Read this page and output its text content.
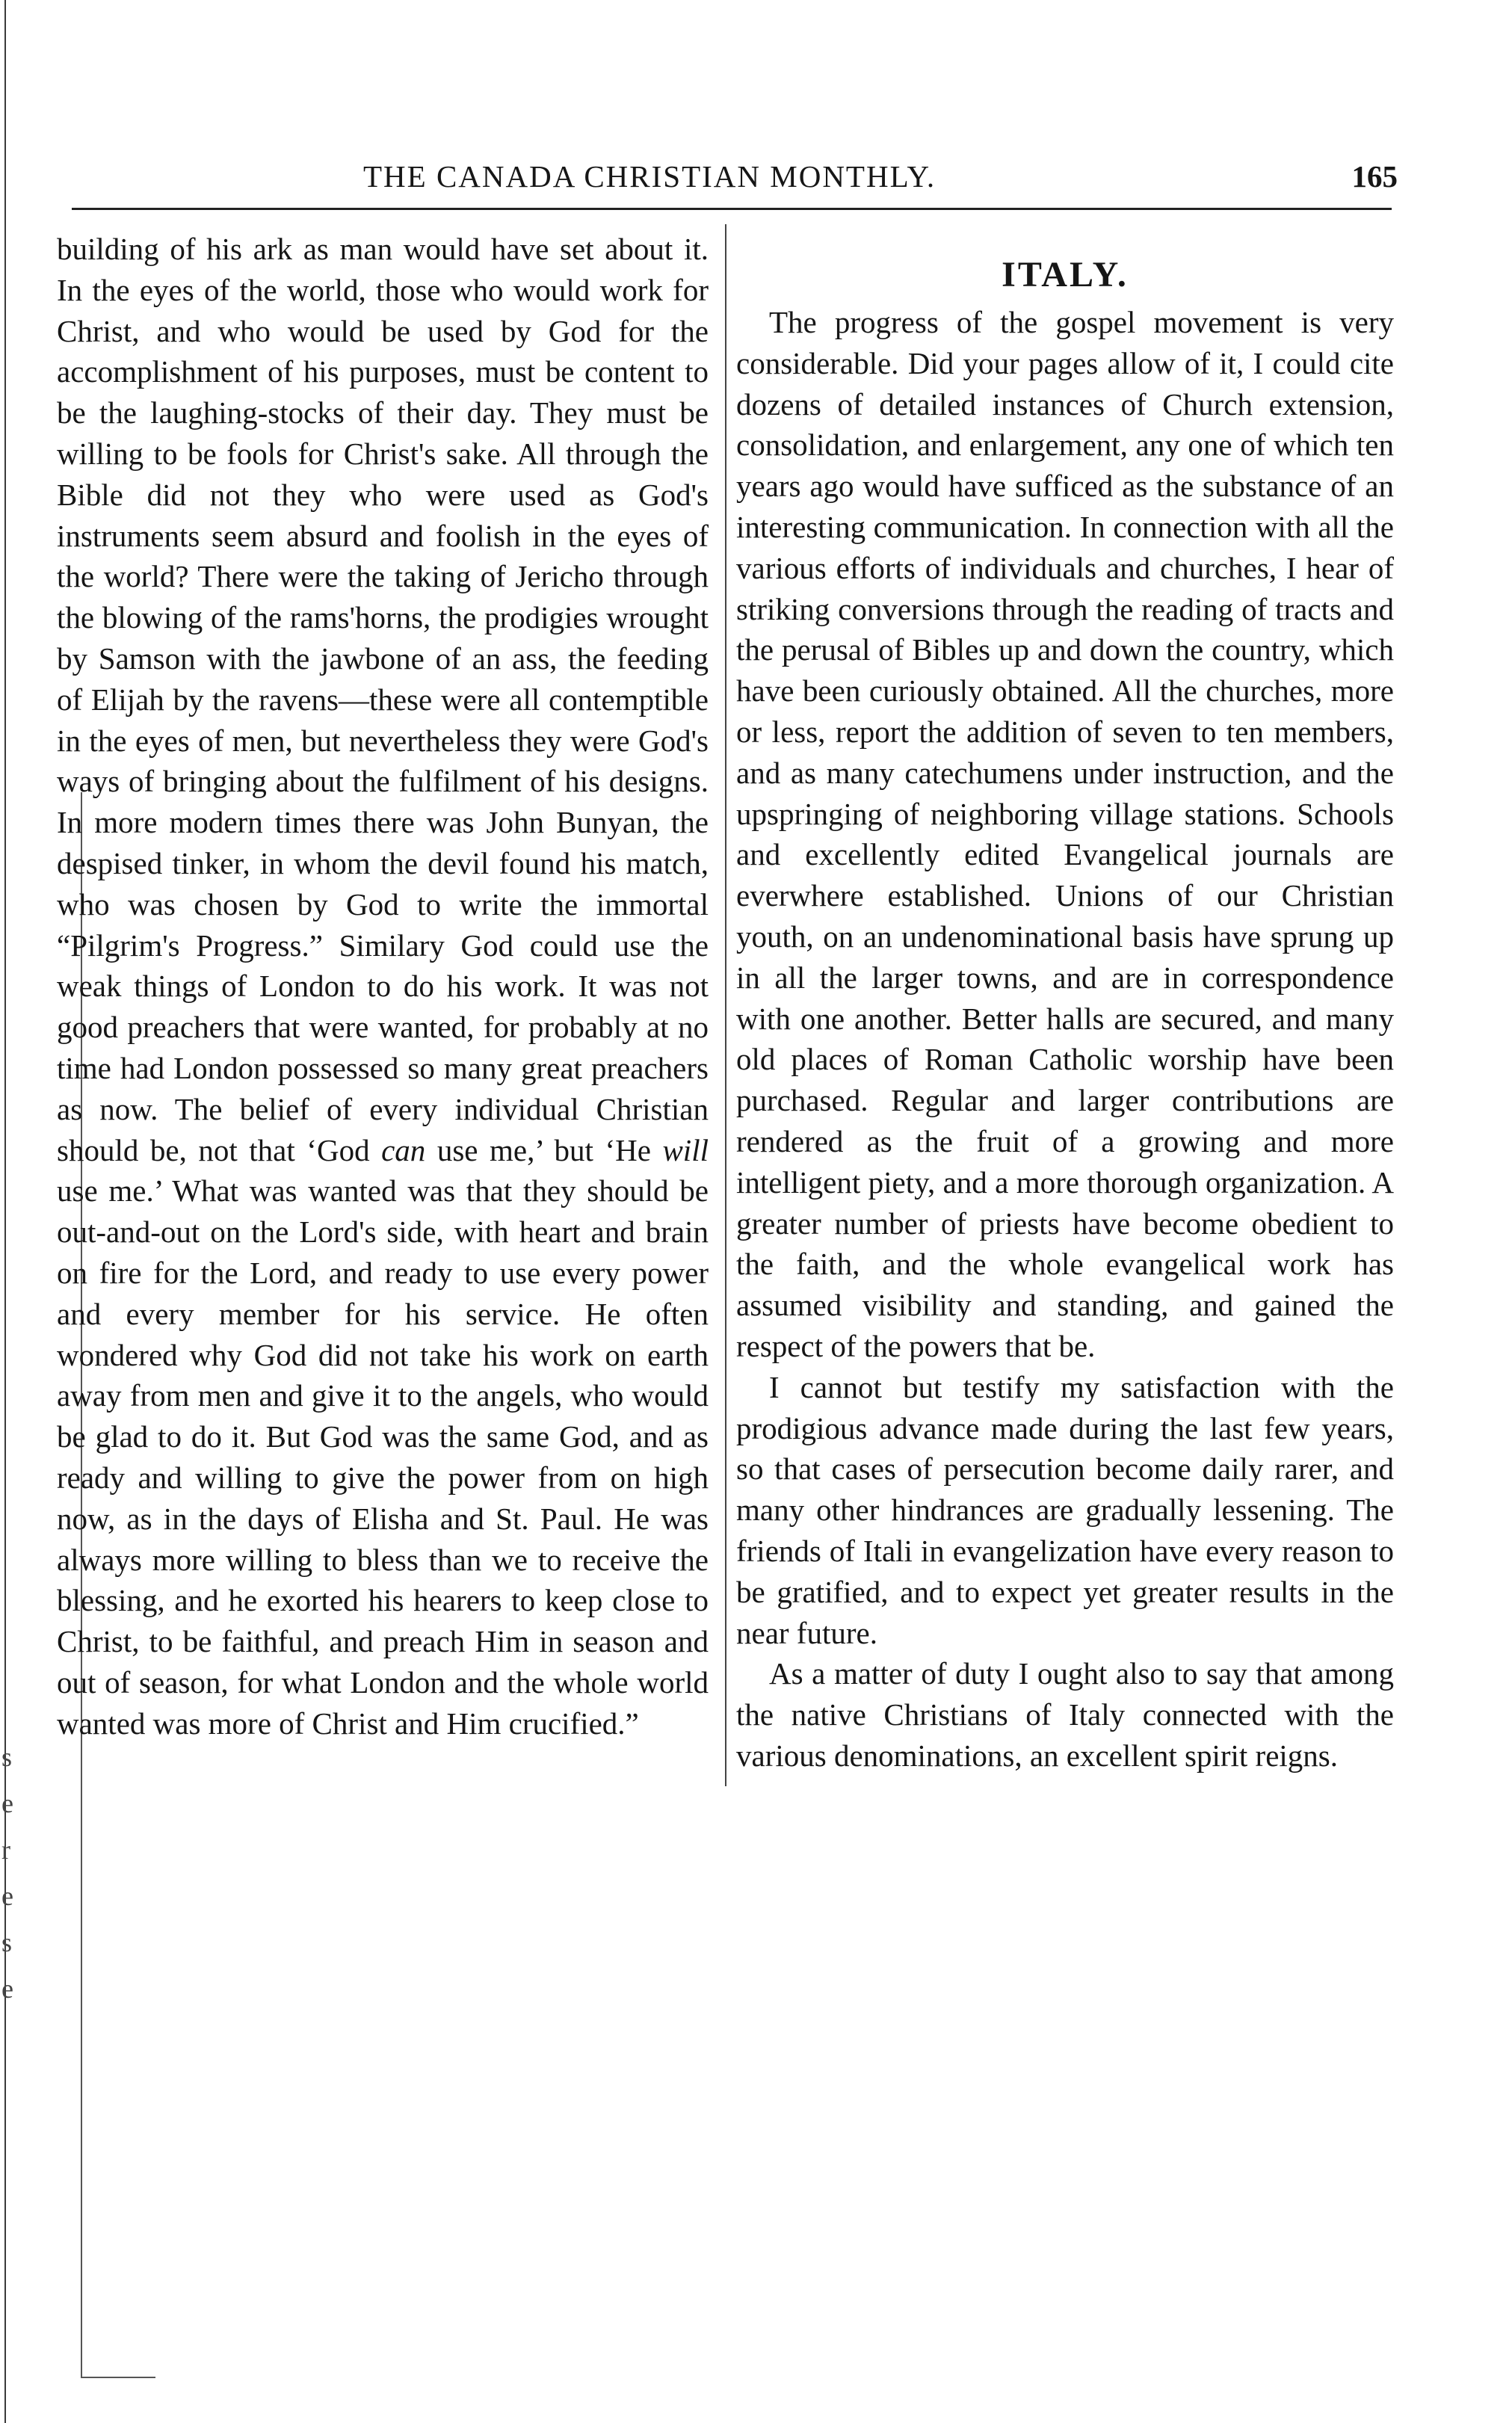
s
e
r
e
s
e
THE CANADA CHRISTIAN MONTHLY.	165

building of his ark as man would have set about it. In the eyes of the world, those who would work for Christ, and who would be used by God for the accomplishment of his purposes, must be content to be the laughing-stocks of their day. They must be willing to be fools for Christ's sake. All through the Bible did not they who were used as God's instruments seem absurd and foolish in the eyes of the world? There were the taking of Jericho through the blowing of the rams'horns, the prodigies wrought by Samson with the jawbone of an ass, the feeding of Elijah by the ravens—these were all contemptible in the eyes of men, but nevertheless they were God's ways of bringing about the fulfilment of his designs. In more modern times there was John Bunyan, the despised tinker, in whom the devil found his match, who was chosen by God to write the immortal “Pilgrim's Progress.” Similary God could use the weak things of London to do his work. It was not good preachers that were wanted, for probably at no time had London possessed so many great preachers as now. The belief of every individual Christian should be, not that ‘God can use me,’ but ‘He will use me.’ What was wanted was that they should be out-and-out on the Lord's side, with heart and brain on fire for the Lord, and ready to use every power and every member for his service. He often wondered why God did not take his work on earth away from men and give it to the angels, who would be glad to do it. But God was the same God, and as ready and willing to give the power from on high now, as in the days of Elisha and St. Paul. He was always more willing to bless than we to receive the blessing, and he exorted his hearers to keep close to Christ, to be faithful, and preach Him in season and out of season, for what London and the whole world wanted was more of Christ and Him crucified.”

ITALY.

The progress of the gospel movement is very considerable. Did your pages allow of it, I could cite dozens of detailed instances of Church extension, consolidation, and enlargement, any one of which ten years ago would have sufficed as the substance of an interesting communication. In connection with all the various efforts of individuals and churches, I hear of striking conversions through the reading of tracts and the perusal of Bibles up and down the country, which have been curiously obtained. All the churches, more or less, report the addition of seven to ten members, and as many catechumens under instruction, and the upspringing of neighboring village stations. Schools and excellently edited Evangelical journals are everwhere established. Unions of our Christian youth, on an undenominational basis have sprung up in all the larger towns, and are in correspondence with one another. Better halls are secured, and many old places of Roman Catholic worship have been purchased. Regular and larger contributions are rendered as the fruit of a growing and more intelligent piety, and a more thorough organization. A greater number of priests have become obedient to the faith, and the whole evangelical work has assumed visibility and standing, and gained the respect of the powers that be.

I cannot but testify my satisfaction with the prodigious advance made during the last few years, so that cases of persecution become daily rarer, and many other hindrances are gradually lessening. The friends of Itali in evangelization have every reason to be gratified, and to expect yet greater results in the near future.

As a matter of duty I ought also to say that among the native Christians of Italy connected with the various denominations, an excellent spirit reigns.
